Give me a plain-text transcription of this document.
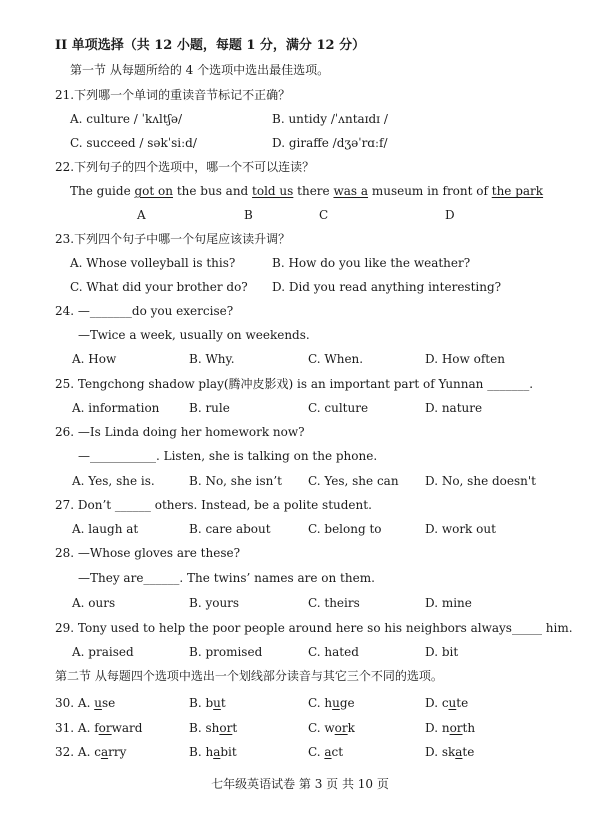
II 单项选择（共 12 小题，每题 1 分，满分 12 分）
第一节 从每题所给的 4 个选项中选出最佳选项。
21.下列哪一个单词的重读音节标记不正确？
A. culture / ˈkʌltʃə/	B. untidy /ˈʌntaɪdɪ /
C. succeed / səkˈsiːd/	D. giraffe /dʒəˈrɑːf/
22.下列句子的四个选项中，哪一个不可以连读？
The guide got on the bus and told us there was a museum in front of the park
A	B	C	D
23.下列四个句子中哪一个句尾应该读升调？
A. Whose volleyball is this?	B. How do you like the weather?
C. What did your brother do? D. Did you read anything interesting?
24. —_______do you exercise?
—Twice a week, usually on weekends.
A. How	B. Why.	C. When.	D. How often
25. Tengchong shadow play(腾冲皮影戏) is an important part of Yunnan _______.
A. information B. rule	C. culture	D. nature
26. —Is Linda doing her homework now?
—___________. Listen, she is talking on the phone.
A. Yes, she is.	B. No, she isn’t C. Yes, she can D. No, she doesn't
27. Don’t ______ others. Instead, be a polite student.
A. laugh at	B. care about	C. belong to	D. work out
28. —Whose gloves are these?
—They are______. The twins’ names are on them.
A. ours	B. yours	C. theirs	D. mine
29. Tony used to help the poor people around here so his neighbors always_____ him.
A. praised	B. promised	C. hated	D. bit
第二节 从每题四个选项中选出一个划线部分读音与其它三个不同的选项。
30. A. use	B. but	C. huge	D. cute
31. A. forward	B. short	C. work	D. north
32. A. carry	B. habit	C. act	D. skate
七年级英语试卷 第 3 页 共 10 页
